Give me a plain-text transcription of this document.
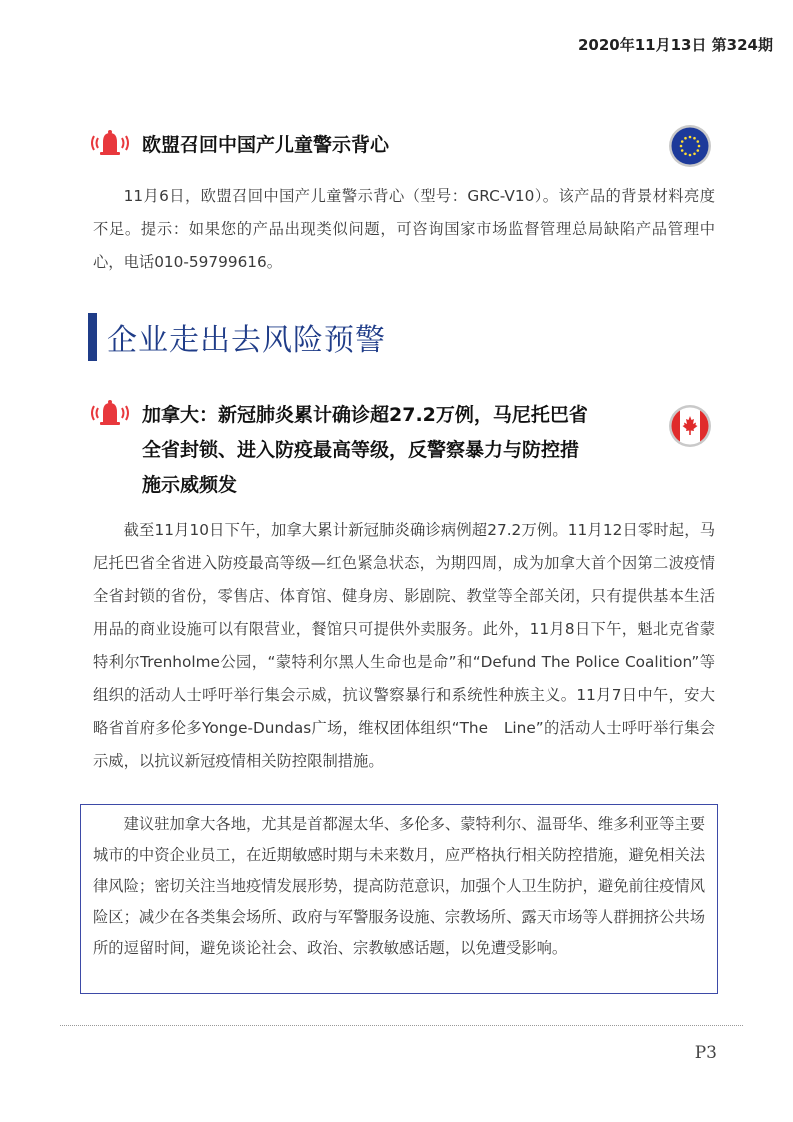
2020年11月13日 第324期
欧盟召回中国产儿童警示背心

11月6日，欧盟召回中国产儿童警示背心（型号：GRC-V10）。该产品的背景材料亮度不足。提示：如果您的产品出现类似问题，可咨询国家市场监督管理总局缺陷产品管理中心，电话010-59799616。

企业走出去风险预警
加拿大：新冠肺炎累计确诊超27.2万例，马尼托巴省
全省封锁、进入防疫最高等级，反警察暴力与防控措
施示威频发

截至11月10日下午，加拿大累计新冠肺炎确诊病例超27.2万例。11月12日零时起，马尼托巴省全省进入防疫最高等级—红色紧急状态，为期四周，成为加拿大首个因第二波疫情全省封锁的省份，零售店、体育馆、健身房、影剧院、教堂等全部关闭，只有提供基本生活用品的商业设施可以有限营业，餐馆只可提供外卖服务。此外，11月8日下午，魁北克省蒙特利尔Trenholme公园，“蒙特利尔黑人生命也是命”和“Defund The Police Coalition”等组织的活动人士呼吁举行集会示威，抗议警察暴行和系统性种族主义。11月7日中午，安大略省首府多伦多Yonge-Dundas广场，维权团体组织“The　Line”的活动人士呼吁举行集会示威，以抗议新冠疫情相关防控限制措施。

建议驻加拿大各地，尤其是首都渥太华、多伦多、蒙特利尔、温哥华、维多利亚等主要城市的中资企业员工，在近期敏感时期与未来数月，应严格执行相关防控措施，避免相关法律风险；密切关注当地疫情发展形势，提高防范意识，加强个人卫生防护，避免前往疫情风险区；减少在各类集会场所、政府与军警服务设施、宗教场所、露天市场等人群拥挤公共场所的逗留时间，避免谈论社会、政治、宗教敏感话题，以免遭受影响。

P3
